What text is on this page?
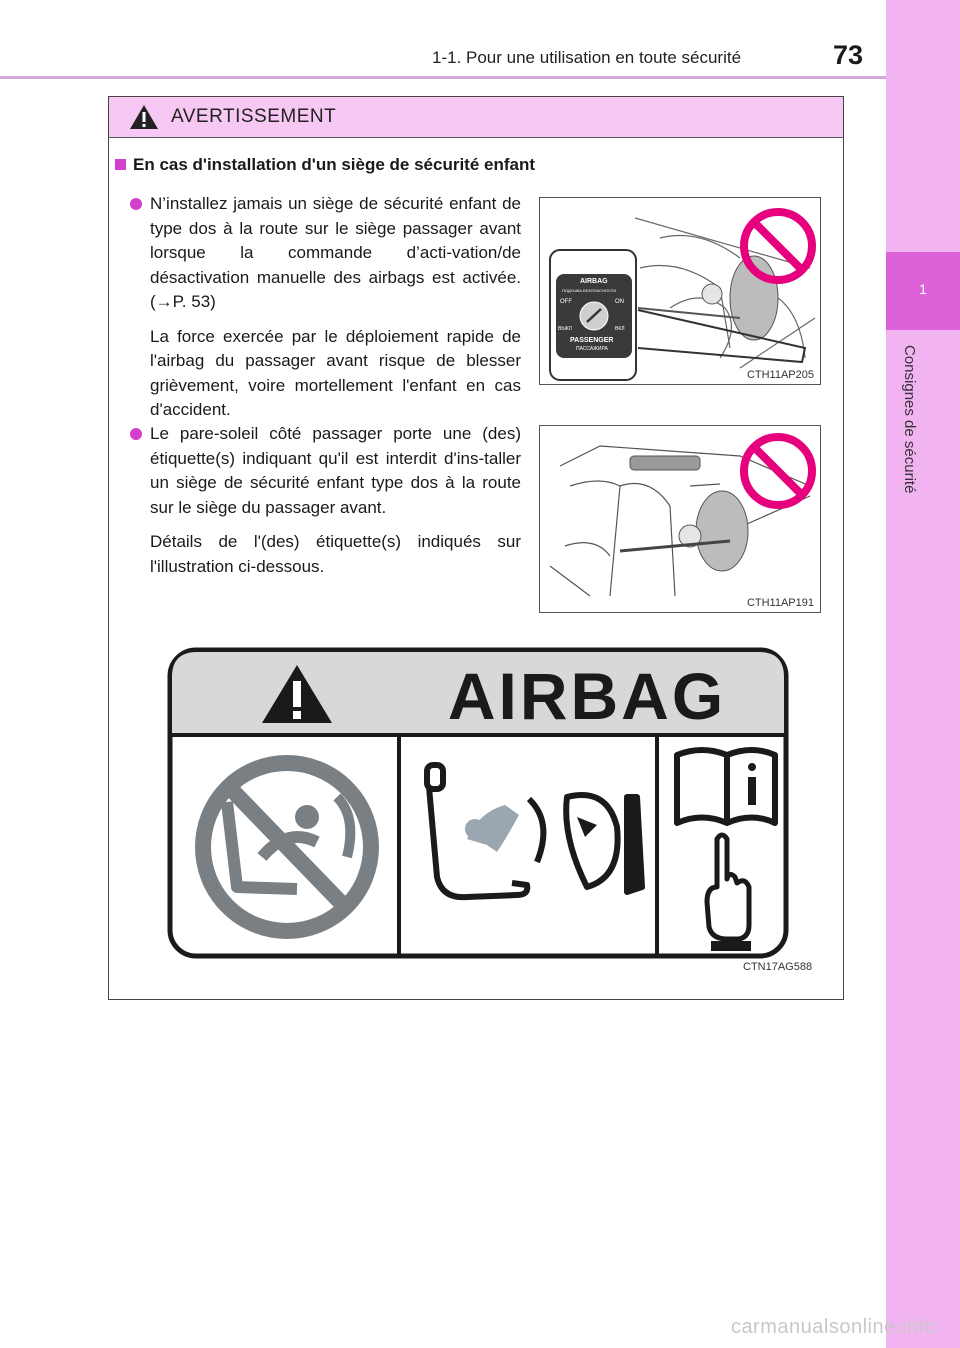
1-1. Pour une utilisation en toute sécurité	73
1
Consignes de sécurité
AVERTISSEMENT
En cas d'installation d'un siège de sécurité enfant

N’installez jamais un siège de sécurité enfant de type dos à la route sur le siège passager avant lorsque la commande d’acti-vation/de désactivation manuelle des airbags est activée. (→P. 53)

La force exercée par le déploiement rapide de l'airbag du passager avant risque de blesser grièvement, voire mortellement l'enfant en cas d'accident.

Le pare-soleil côté passager porte une (des) étiquette(s) indiquant qu'il est interdit d'ins-taller un siège de sécurité enfant type dos à la route sur le siège du passager avant.

Détails de l'(des) étiquette(s) indiqués sur l'illustration ci-dessous.

AIRBAG
ПОДУШКА БЕЗОПАСНОСТИ
OFF	ON
ВЫКЛ	ВКЛ
PASSENGER
ПАССАЖИРА
CTH11AP205
CTH11AP191
AIRBAG
CTN17AG588
carmanualsonline.info
